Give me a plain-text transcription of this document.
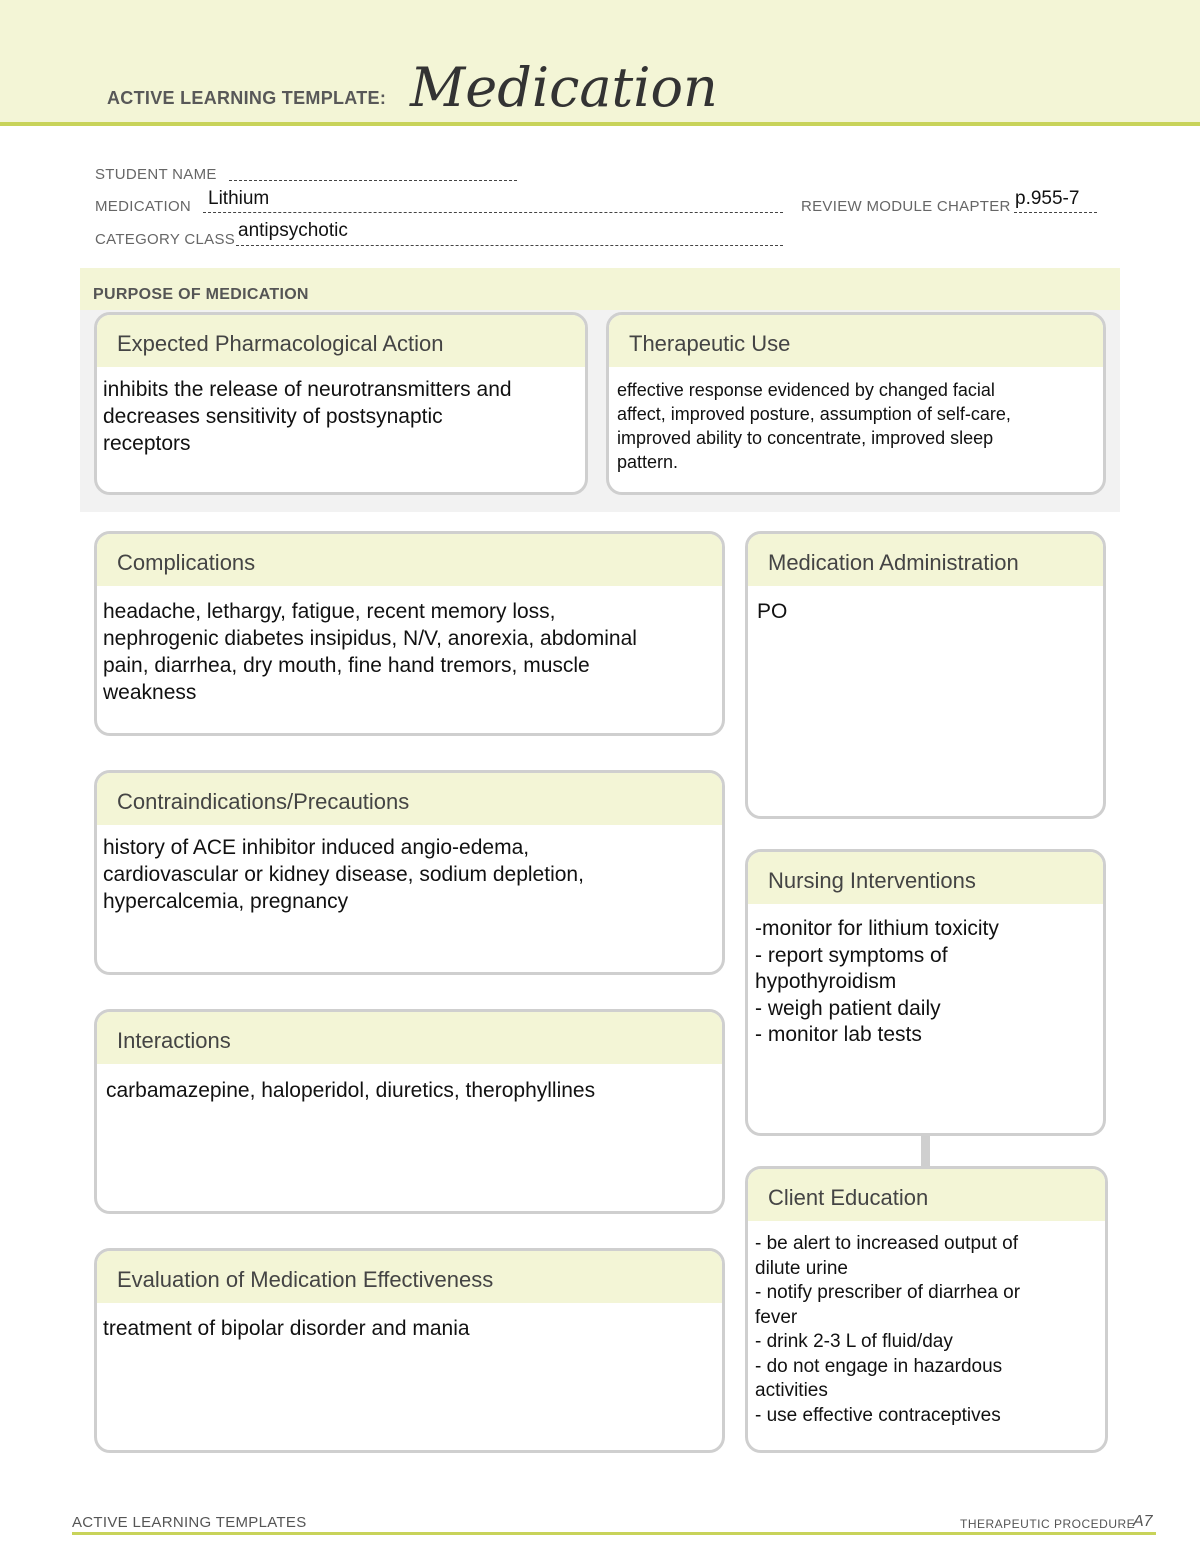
ACTIVE LEARNING TEMPLATE: Medication
STUDENT NAME
MEDICATION Lithium	REVIEW MODULE CHAPTER p.955-7
CATEGORY CLASS antipsychotic
PURPOSE OF MEDICATION
Expected Pharmacological Action
inhibits the release of neurotransmitters and
decreases sensitivity of postsynaptic
receptors
Therapeutic Use
effective response evidenced by changed facial
affect, improved posture, assumption of self-care,
improved ability to concentrate, improved sleep
pattern.
Complications
headache, lethargy, fatigue, recent memory loss,
nephrogenic diabetes insipidus, N/V, anorexia, abdominal
pain, diarrhea, dry mouth, fine hand tremors, muscle
weakness
Contraindications/Precautions
history of ACE inhibitor induced angio-edema,
cardiovascular or kidney disease, sodium depletion,
hypercalcemia, pregnancy
Interactions
carbamazepine, haloperidol, diuretics, therophyllines
Evaluation of Medication Effectiveness
treatment of bipolar disorder and mania
Medication Administration
PO
Nursing Interventions
-monitor for lithium toxicity
- report symptoms of
hypothyroidism
- weigh patient daily
- monitor lab tests
Client Education
- be alert to increased output of
dilute urine
- notify prescriber of diarrhea or
fever
- drink 2-3 L of fluid/day
- do not engage in hazardous
activities
- use effective contraceptives
ACTIVE LEARNING TEMPLATES	THERAPEUTIC PROCEDURE
A7
